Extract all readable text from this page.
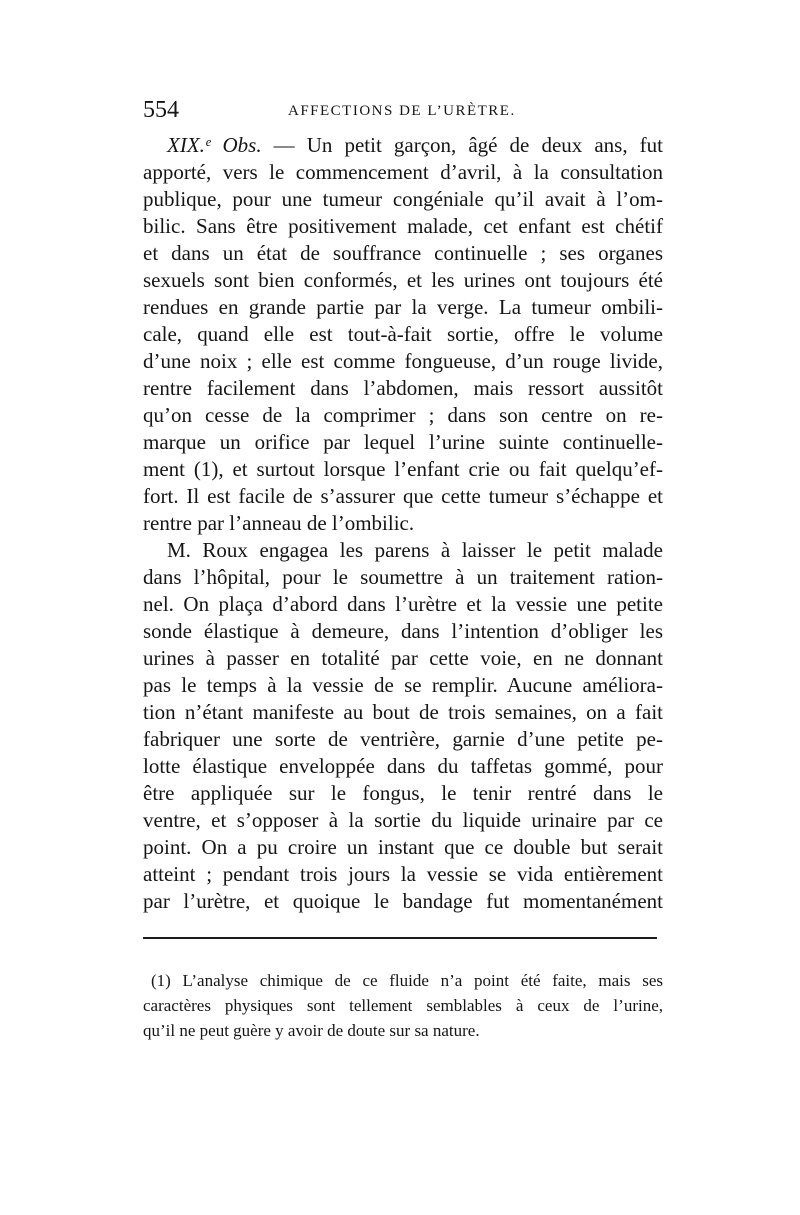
554	AFFECTIONS DE L’URÈTRE.
XIX.ᵉ Obs. — Un petit garçon, âgé de deux ans, fut
apporté, vers le commencement d’avril, à la consultation
publique, pour une tumeur congéniale qu’il avait à l’om-
bilic. Sans être positivement malade, cet enfant est chétif
et dans un état de souffrance continuelle ; ses organes
sexuels sont bien conformés, et les urines ont toujours été
rendues en grande partie par la verge. La tumeur ombili-
cale, quand elle est tout-à-fait sortie, offre le volume
d’une noix ; elle est comme fongueuse, d’un rouge livide,
rentre facilement dans l’abdomen, mais ressort aussitôt
qu’on cesse de la comprimer ; dans son centre on re-
marque un orifice par lequel l’urine suinte continuelle-
ment (1), et surtout lorsque l’enfant crie ou fait quelqu’ef-
fort. Il est facile de s’assurer que cette tumeur s’échappe et
rentre par l’anneau de l’ombilic.
M. Roux engagea les parens à laisser le petit malade
dans l’hôpital, pour le soumettre à un traitement ration-
nel. On plaça d’abord dans l’urètre et la vessie une petite
sonde élastique à demeure, dans l’intention d’obliger les
urines à passer en totalité par cette voie, en ne donnant
pas le temps à la vessie de se remplir. Aucune améliora-
tion n’étant manifeste au bout de trois semaines, on a fait
fabriquer une sorte de ventrière, garnie d’une petite pe-
lotte élastique enveloppée dans du taffetas gommé, pour
être appliquée sur le fongus, le tenir rentré dans le
ventre, et s’opposer à la sortie du liquide urinaire par ce
point. On a pu croire un instant que ce double but serait
atteint ; pendant trois jours la vessie se vida entièrement
par l’urètre, et quoique le bandage fut momentanément
(1) L’analyse chimique de ce fluide n’a point été faite, mais ses
caractères physiques sont tellement semblables à ceux de l’urine,
qu’il ne peut guère y avoir de doute sur sa nature.
